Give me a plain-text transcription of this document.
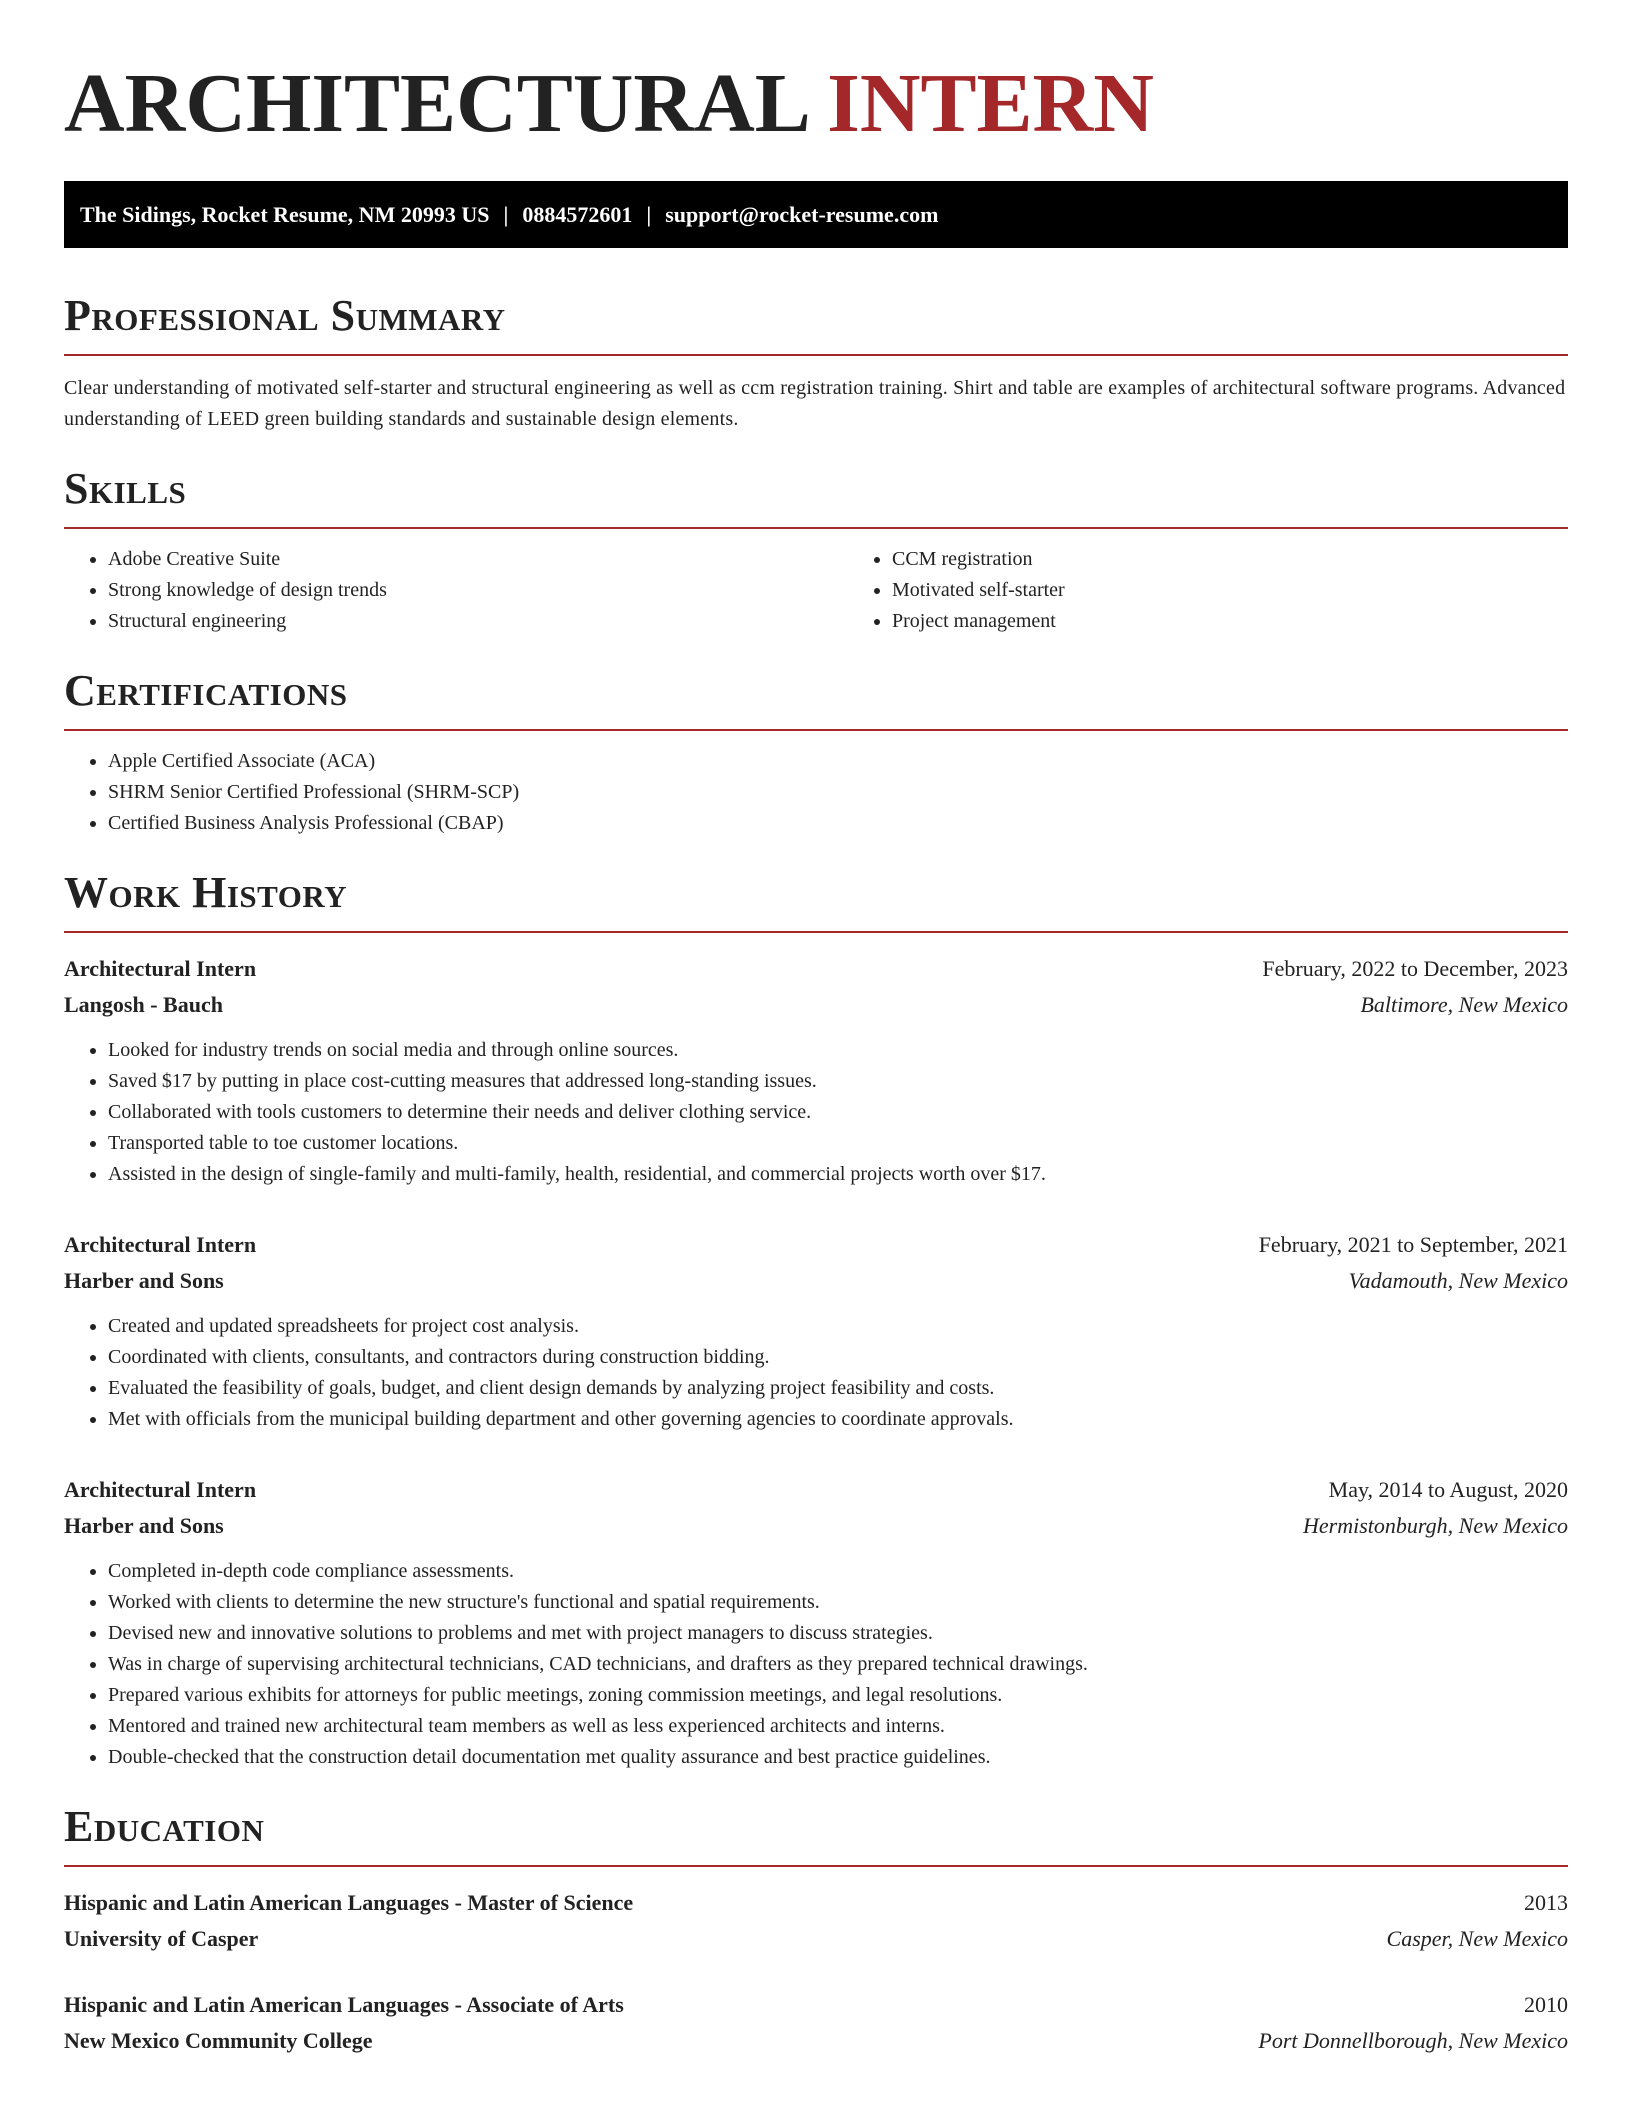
ARCHITECTURAL INTERN
The Sidings, Rocket Resume, NM 20993 US | 0884572601 | support@rocket-resume.com
Professional Summary

Clear understanding of motivated self-starter and structural engineering as well as ccm registration training. Shirt and table are examples of architectural software programs. Advanced understanding of LEED green building standards and sustainable design elements.

Skills
• Adobe Creative Suite
• Strong knowledge of design trends
• Structural engineering
• CCM registration
• Motivated self-starter
• Project management
Certifications
• Apple Certified Associate (ACA)
• SHRM Senior Certified Professional (SHRM-SCP)
• Certified Business Analysis Professional (CBAP)
Work History
Architectural Intern	February, 2022 to December, 2023
Langosh - Bauch	Baltimore, New Mexico
• Looked for industry trends on social media and through online sources.
• Saved $17 by putting in place cost-cutting measures that addressed long-standing issues.
• Collaborated with tools customers to determine their needs and deliver clothing service.
• Transported table to toe customer locations.
• Assisted in the design of single-family and multi-family, health, residential, and commercial projects worth over $17.
Architectural Intern	February, 2021 to September, 2021
Harber and Sons	Vadamouth, New Mexico
• Created and updated spreadsheets for project cost analysis.
• Coordinated with clients, consultants, and contractors during construction bidding.
• Evaluated the feasibility of goals, budget, and client design demands by analyzing project feasibility and costs.
• Met with officials from the municipal building department and other governing agencies to coordinate approvals.
Architectural Intern	May, 2014 to August, 2020
Harber and Sons	Hermistonburgh, New Mexico
• Completed in-depth code compliance assessments.
• Worked with clients to determine the new structure's functional and spatial requirements.
• Devised new and innovative solutions to problems and met with project managers to discuss strategies.
• Was in charge of supervising architectural technicians, CAD technicians, and drafters as they prepared technical drawings.
• Prepared various exhibits for attorneys for public meetings, zoning commission meetings, and legal resolutions.
• Mentored and trained new architectural team members as well as less experienced architects and interns.
• Double-checked that the construction detail documentation met quality assurance and best practice guidelines.
Education
Hispanic and Latin American Languages - Master of Science	2013
University of Casper	Casper, New Mexico
Hispanic and Latin American Languages - Associate of Arts	2010
New Mexico Community College	Port Donnellborough, New Mexico
